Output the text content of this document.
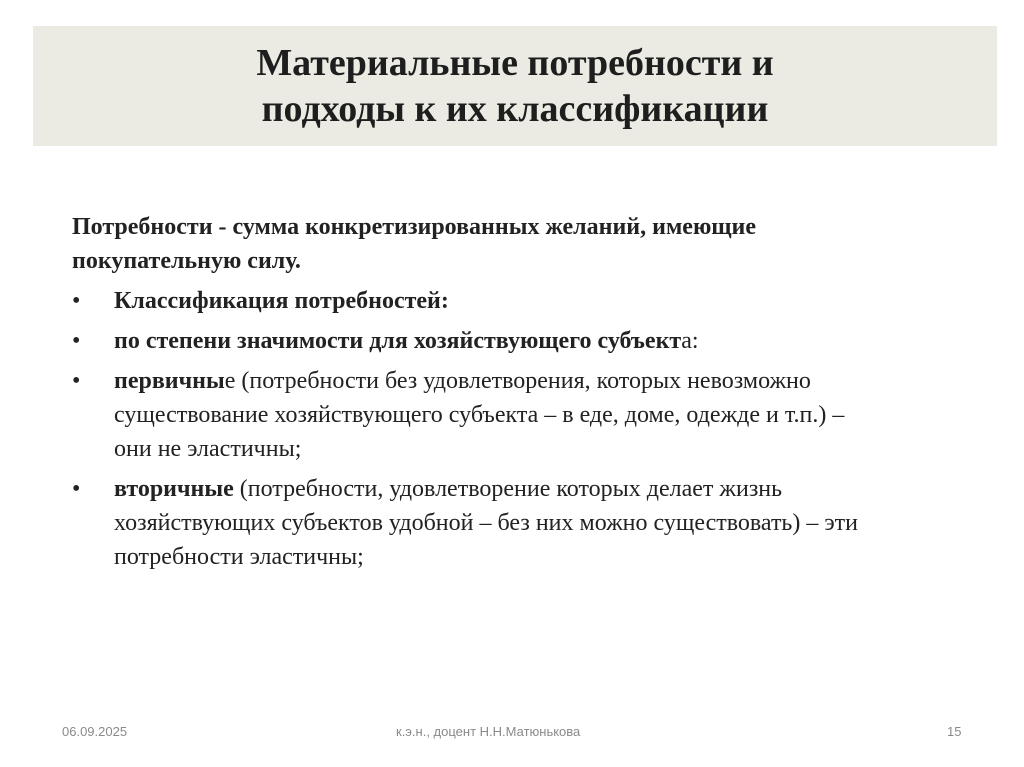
Материальные потребности и
подходы к их классификации

Потребности - сумма конкретизированных желаний, имеющие
покупательную силу.

• Классификация потребностей:
• по степени значимости для хозяйствующего субъекта:
• первичные (потребности без удовлетворения, которых невозможно
существование хозяйствующего субъекта – в еде, доме, одежде и т.п.) –
они не эластичны;
• вторичные (потребности, удовлетворение которых делает жизнь
хозяйствующих субъектов удобной – без них можно существовать) – эти
потребности эластичны;
06.09.2025	к.э.н., доцент Н.Н.Матюнькова	15
